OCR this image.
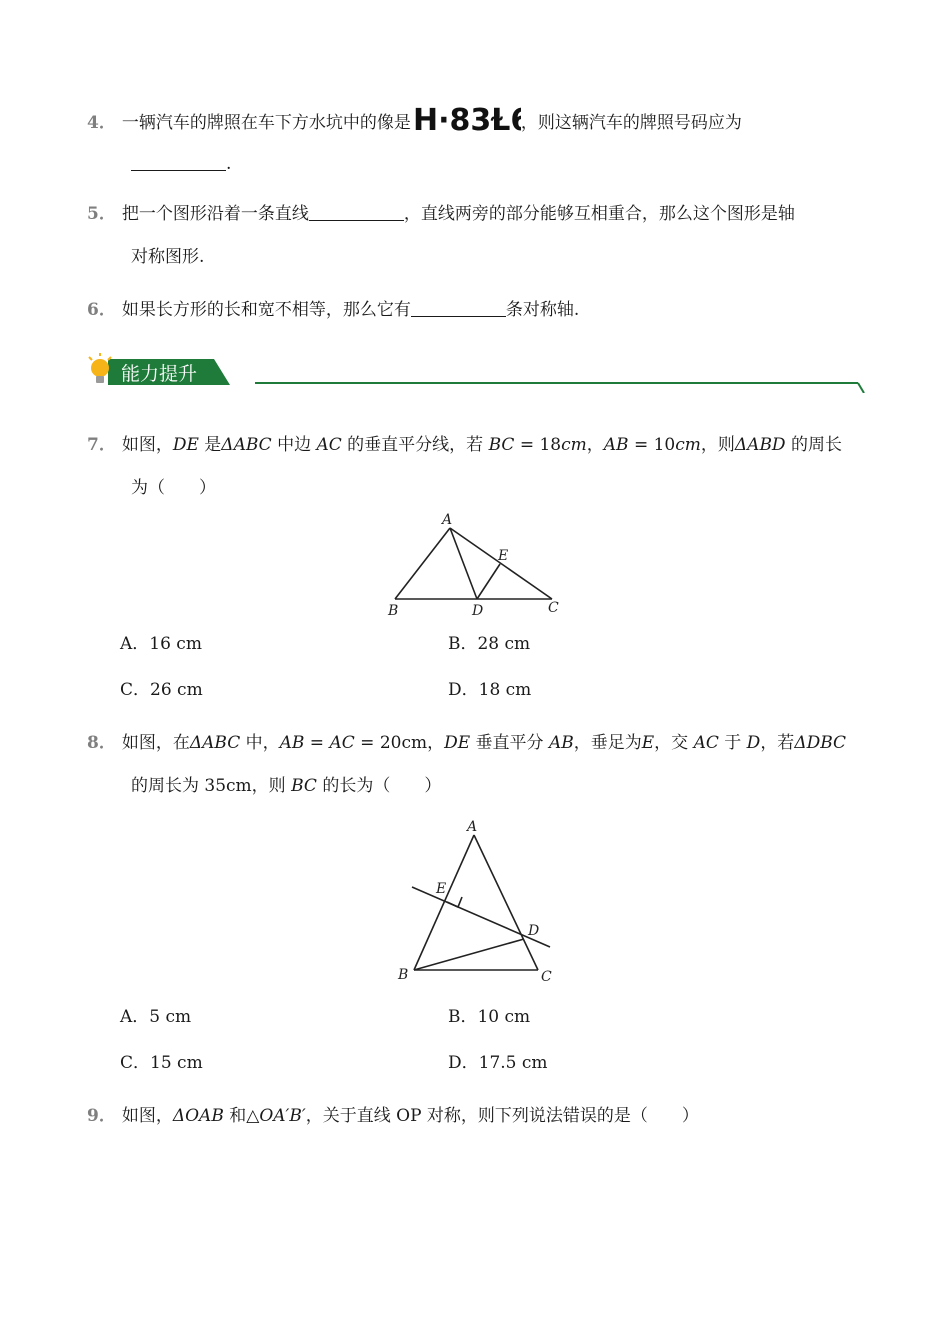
4． 一辆汽车的牌照在车下方水坑中的像是 H·83Ɫ6
，则这辆汽车的牌照号码应为
.
5． 把一个图形沿着一条直线	，直线两旁的部分能够互相重合，那么这个图形是轴
对称图形.
6． 如果长方形的长和宽不相等，那么它有	条对称轴.
能力提升
7． 如图，DE 是ΔABC 中边 AC 的垂直平分线，若 BC = 18cm，AB = 10cm，则ΔABD 的周长
为（　　）
A
B	C
D
E
A．16 cm	B．28 cm
C．26 cm	D．18 cm
8． 如图，在ΔABC 中，AB = AC = 20cm，DE 垂直平分 AB，垂足为E，交 AC 于 D，若ΔDBC
的周长为 35cm，则 BC 的长为（　　）
A
B	C
D
E
A．5 cm	B．10 cm
C．15 cm	D．17.5 cm
9． 如图，ΔOAB 和△OA′B′，关于直线 OP 对称，则下列说法错误的是（　　）
